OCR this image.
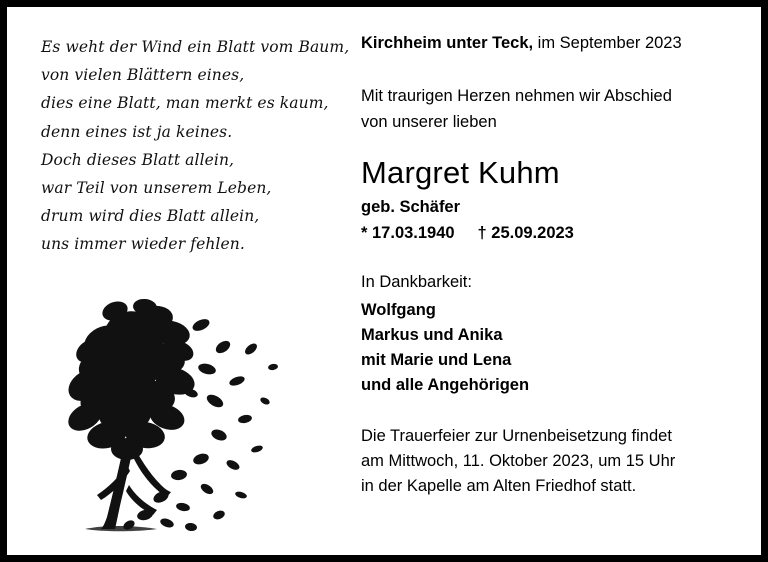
Es weht der Wind ein Blatt vom Baum,
von vielen Blättern eines,
dies eine Blatt, man merkt es kaum,
denn eines ist ja keines.
Doch dieses Blatt allein,
war Teil von unserem Leben,
drum wird dies Blatt allein,
uns immer wieder fehlen.

Kirchheim unter Teck, im September 2023

Mit traurigen Herzen nehmen wir Abschied
von unserer lieben

Margret Kuhm
geb. Schäfer
* 17.03.1940     † 25.09.2023
In Dankbarkeit:
Wolfgang
Markus und Anika
mit Marie und Lena
und alle Angehörigen
Die Trauerfeier zur Urnenbeisetzung findet
am Mittwoch, 11. Oktober 2023, um 15 Uhr
in der Kapelle am Alten Friedhof statt.
